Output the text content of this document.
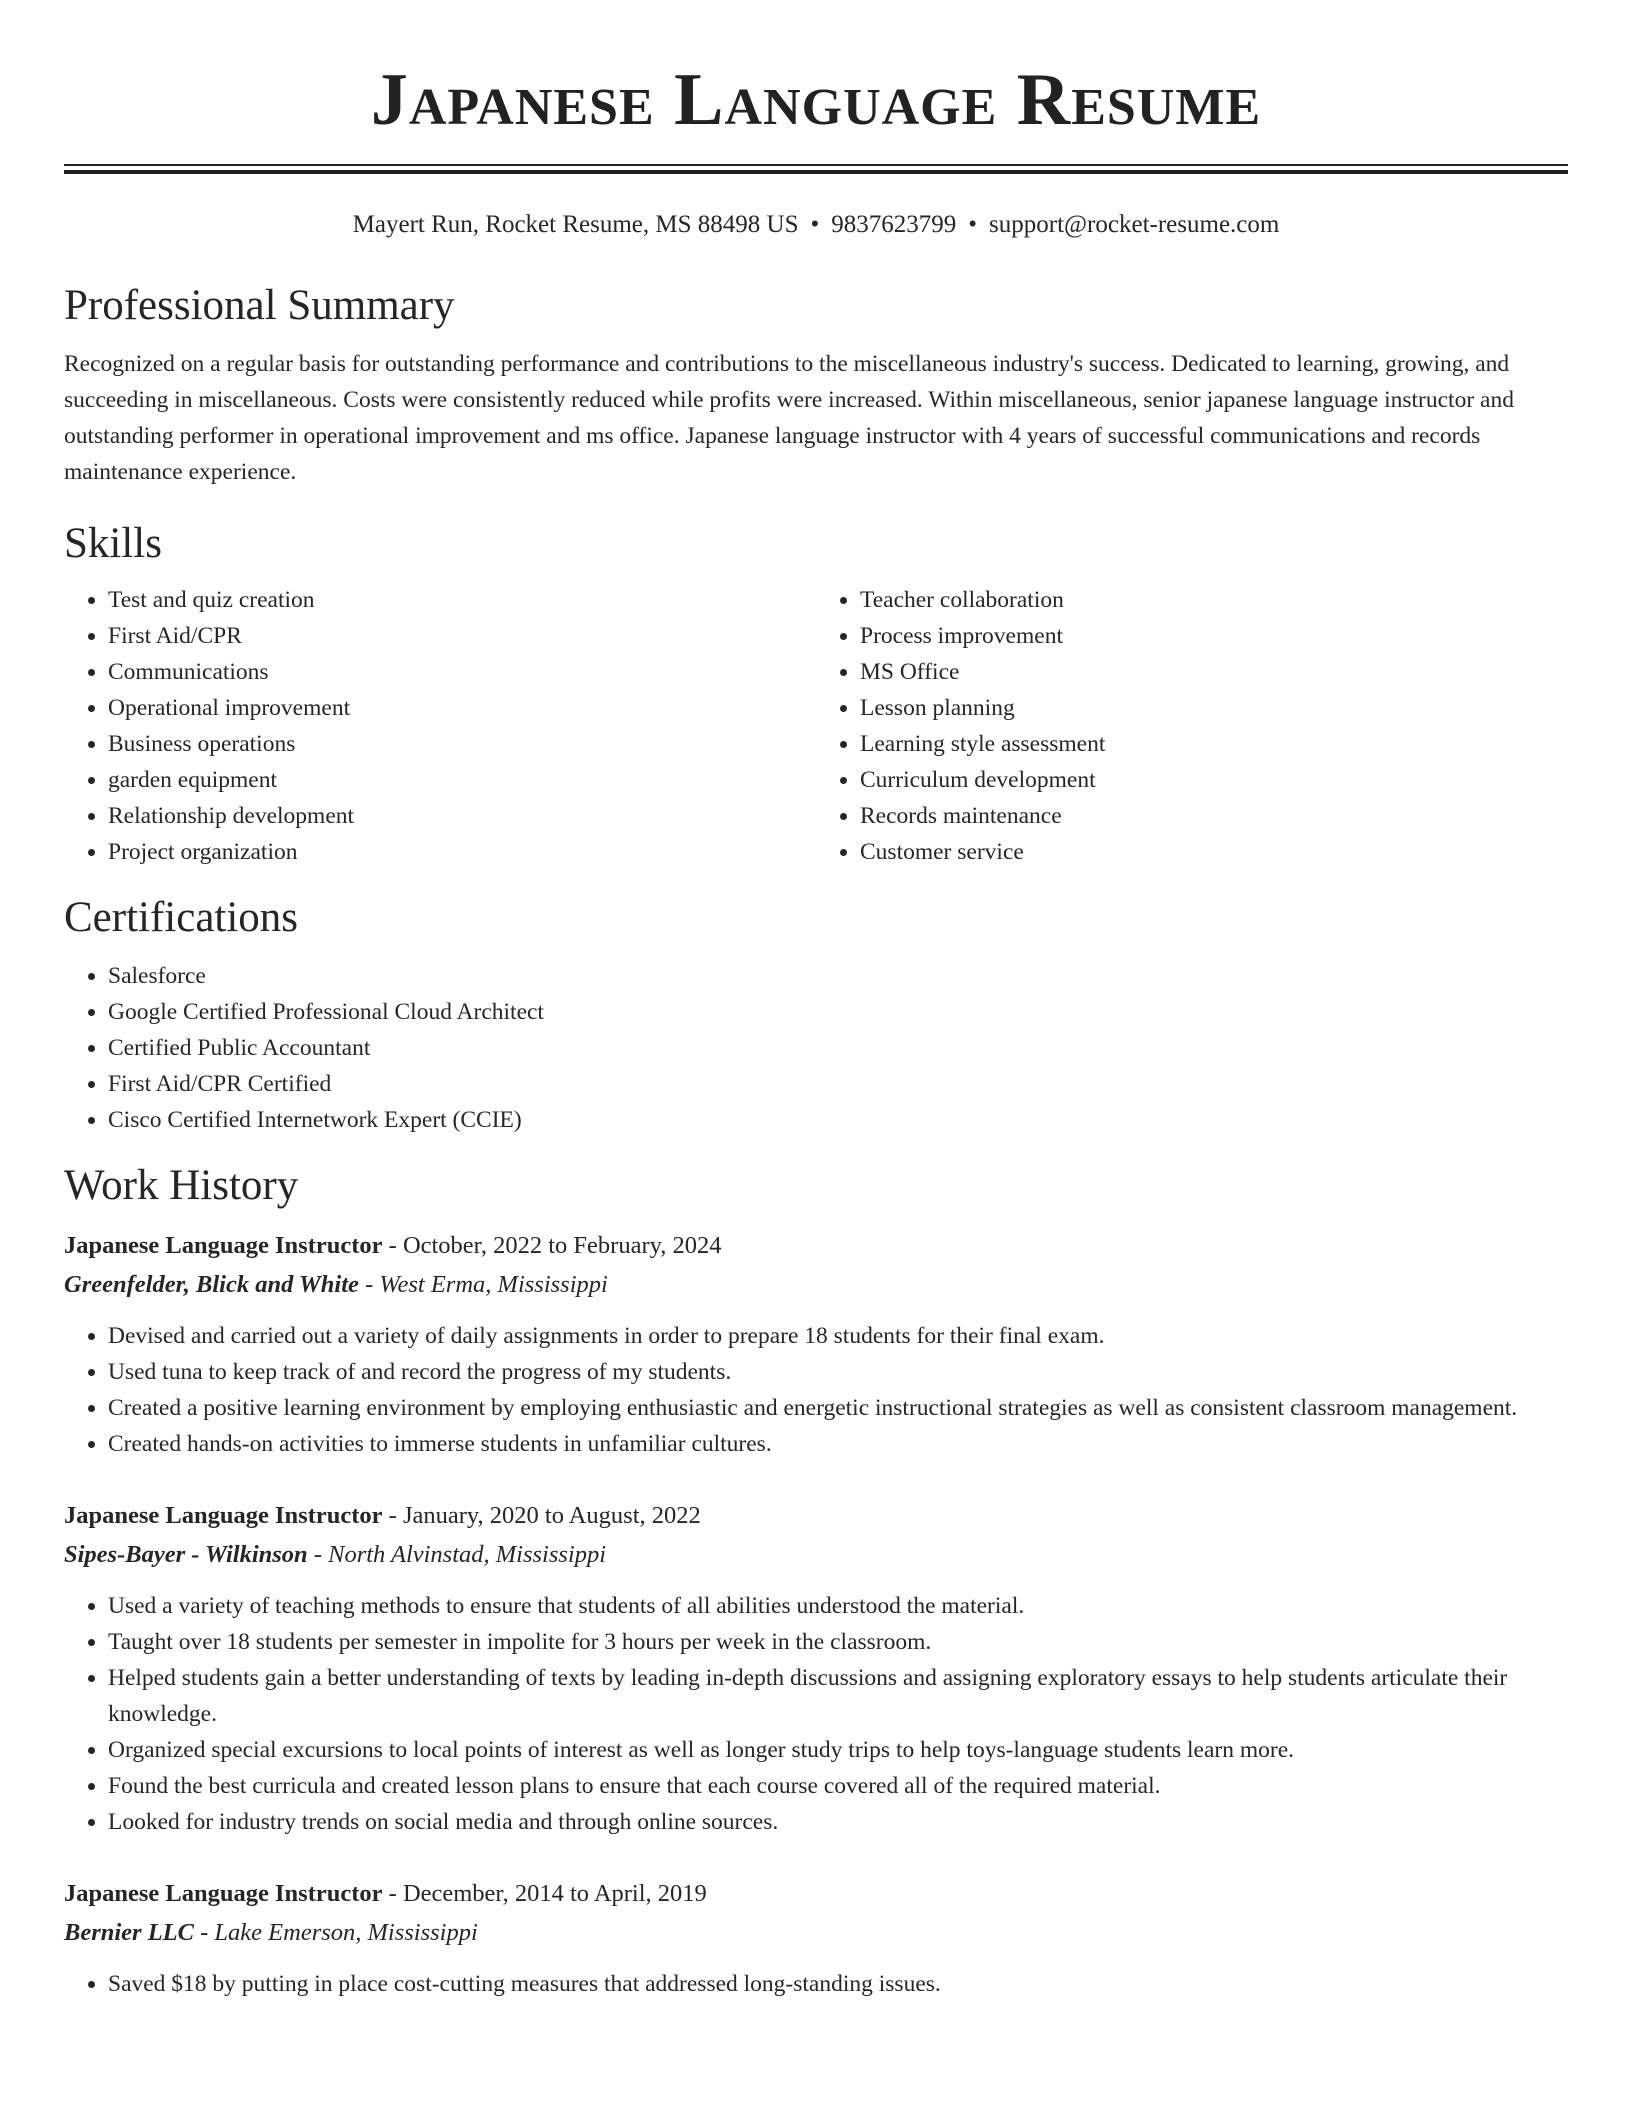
Japanese Language Resume
Mayert Run, Rocket Resume, MS 88498 US • 9837623799 • support@rocket-resume.com
Professional Summary

Recognized on a regular basis for outstanding performance and contributions to the miscellaneous industry's success. Dedicated to learning, growing, and succeeding in miscellaneous. Costs were consistently reduced while profits were increased. Within miscellaneous, senior japanese language instructor and outstanding performer in operational improvement and ms office. Japanese language instructor with 4 years of successful communications and records maintenance experience.

Skills
• Test and quiz creation
• First Aid/CPR
• Communications
• Operational improvement
• Business operations
• garden equipment
• Relationship development
• Project organization
• Teacher collaboration
• Process improvement
• MS Office
• Lesson planning
• Learning style assessment
• Curriculum development
• Records maintenance
• Customer service
Certifications
• Salesforce
• Google Certified Professional Cloud Architect
• Certified Public Accountant
• First Aid/CPR Certified
• Cisco Certified Internetwork Expert (CCIE)
Work History
Japanese Language Instructor - October, 2022 to February, 2024
Greenfelder, Blick and White - West Erma, Mississippi
• Devised and carried out a variety of daily assignments in order to prepare 18 students for their final exam.
• Used tuna to keep track of and record the progress of my students.
• Created a positive learning environment by employing enthusiastic and energetic instructional strategies as well as consistent classroom management.
• Created hands-on activities to immerse students in unfamiliar cultures.
Japanese Language Instructor - January, 2020 to August, 2022
Sipes-Bayer - Wilkinson - North Alvinstad, Mississippi
• Used a variety of teaching methods to ensure that students of all abilities understood the material.
• Taught over 18 students per semester in impolite for 3 hours per week in the classroom.
• Helped students gain a better understanding of texts by leading in-depth discussions and assigning exploratory essays to help students articulate their knowledge.
• Organized special excursions to local points of interest as well as longer study trips to help toys-language students learn more.
• Found the best curricula and created lesson plans to ensure that each course covered all of the required material.
• Looked for industry trends on social media and through online sources.
Japanese Language Instructor - December, 2014 to April, 2019
Bernier LLC - Lake Emerson, Mississippi
• Saved $18 by putting in place cost-cutting measures that addressed long-standing issues.
